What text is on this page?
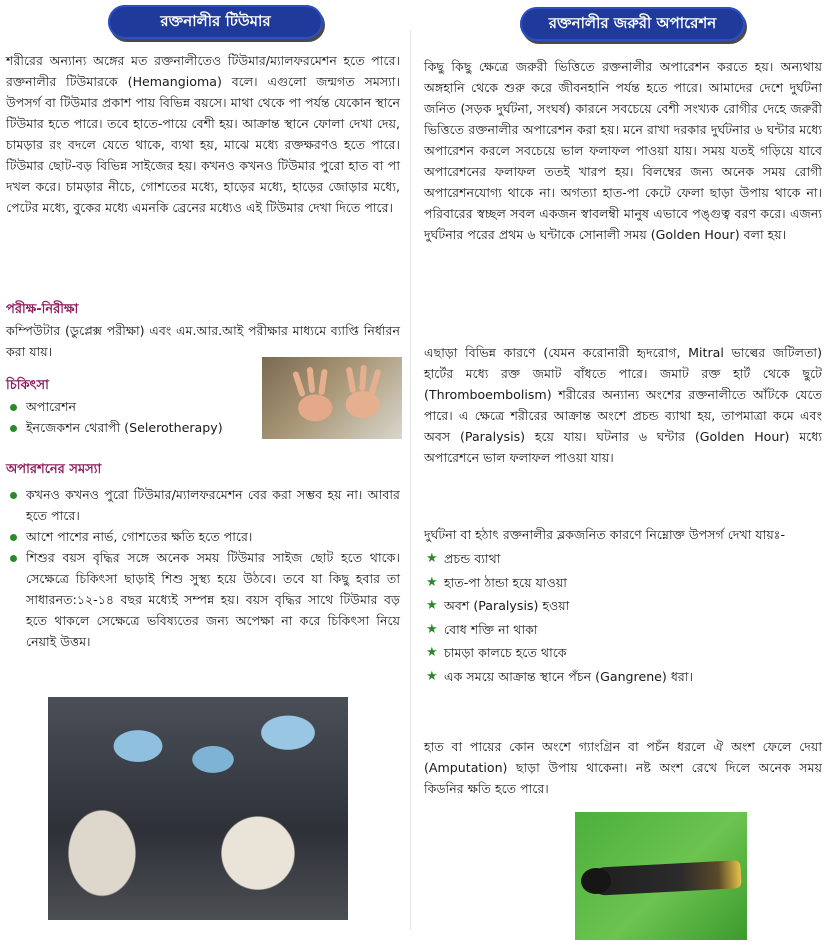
রক্তনালীর টিউমার

শরীরের অন্যান্য অঙ্গের মত রক্তনালীতেও টিউমার/ম্যালফরমেশন হতে পারে। রক্তনালীর টিউমারকে (Hemangioma) বলে। এগুলো জন্মগত সমস্যা। উপসর্গ বা টিউমার প্রকাশ পায় বিভিন্ন বয়সে। মাথা থেকে পা পর্যন্ত যেকোন স্থানে টিউমার হতে পারে। তবে হাতে-পায়ে বেশী হয়। আক্রান্ত স্থানে ফোলা দেখা দেয়, চামড়ার রং বদলে যেতে থাকে, ব্যথা হয়, মাঝে মধ্যে রক্তক্ষরণও হতে পারে। টিউমার ছোট-বড় বিভিন্ন সাইজের হয়। কখনও কখনও টিউমার পুরো হাত বা পা দখল করে। চামড়ার নীচে, গোশতের মধ্যে, হাড়ের মধ্যে, হাড়ের জোড়ার মধ্যে, পেটের মধ্যে, বুকের মধ্যে এমনকি ব্রেনের মধ্যেও এই টিউমার দেখা দিতে পারে।

পরীক্ষ-নিরীক্ষা

কম্পিউটার (ডুপ্লেক্স পরীক্ষা) এবং এম.আর.আই পরীক্ষার মাধ্যমে ব্যাপ্তি নির্ধারন করা যায়।

চিকিৎসা
অপারেশন
ইনজেকশন থেরাপী (Selerotherapy)
অপারশনের সমস্যা
কখনও কখনও পুরো টিউমার/ম্যালফরমেশন বের করা সম্ভব হয় না। আবার হতে পারে।
আশে পাশের নার্ভ, গোশতের ক্ষতি হতে পারে।
শিশুর বয়স বৃদ্ধির সঙ্গে অনেক সময় টিউমার সাইজ ছোট হতে থাকে। সেক্ষেত্রে চিকিৎসা ছাড়াই শিশু সুস্থ্য হয়ে উঠবে। তবে যা কিছু হবার তা সাধারনত:১২-১৪ বছর মধ্যেই সম্পন্ন হয়। বয়স বৃদ্ধির সাথে টিউমার বড় হতে থাকলে সেক্ষেত্রে ভবিষ্যতের জন্য অপেক্ষা না করে চিকিৎসা নিয়ে নেয়াই উত্তম।
রক্তনালীর জরুরী অপারেশন

কিছু কিছু ক্ষেত্রে জরুরী ভিত্তিতে রক্তনালীর অপারেশন করতে হয়। অন্যথায় অঙ্গহানি থেকে শুরু করে জীবনহানি পর্যন্ত হতে পারে। আমাদের দেশে দুর্ঘটনা জনিত (সড়ক দুর্ঘটনা, সংঘর্ষ) কারনে সবচেয়ে বেশী সংখ্যক রোগীর দেহে জরুরী ভিত্তিতে রক্তনালীর অপারেশন করা হয়। মনে রাখা দরকার দুর্ঘটনার ৬ ঘন্টার মধ্যে অপারেশন করলে সবচেয়ে ভাল ফলাফল পাওয়া যায়। সময় যতই গড়িয়ে যাবে অপারেশনের ফলাফল ততই খারপ হয়। বিলম্বের জন্য অনেক সময় রোগী অপারেশনযোগ্য থাকে না। অগত্যা হাত-পা কেটে ফেলা ছাড়া উপায় থাকে না। পরিবারের স্বচ্ছল সবল একজন স্বাবলম্বী মানুষ এভাবে পঙ্গুত্ব বরণ করে। এজন্য দুর্ঘটনার পরের প্রথম ৬ ঘন্টাকে সোনালী সময় (Golden Hour) বলা হয়।

এছাড়া বিভিন্ন কারণে (যেমন করোনারী হৃদরোগ, Mitral ভাল্বের জটিলতা) হার্টের মধ্যে রক্ত জমাট বাঁধতে পারে। জমাট রক্ত হার্ট থেকে ছুটে (Thromboembolism) শরীরের অন্যান্য অংশের রক্তনালীতে আঁটকে যেতে পারে। এ ক্ষেত্রে শরীরের আক্রান্ত অংশে প্রচন্ড ব্যাথা হয়, তাপমাত্রা কমে এবং অবস (Paralysis) হয়ে যায়। ঘটনার ৬ ঘন্টার (Golden Hour) মধ্যে অপারেশনে ভাল ফলাফল পাওয়া যায়।

দুর্ঘটনা বা হঠাৎ রক্তনালীর ব্লকজনিত কারণে নিম্নোক্ত উপসর্গ দেখা যায়ঃ-

★ প্রচন্ড ব্যাথা
★ হাত-পা ঠান্ডা হয়ে যাওয়া
★ অবশ (Paralysis) হওয়া
★ বোধ শক্তি না থাকা
★ চামড়া কালচে হতে থাকে
★ এক সময়ে আক্রান্ত স্থানে পঁচন (Gangrene) ধরা।

হাত বা পায়ের কোন অংশে গ্যাংগ্রিন বা পচঁন ধরলে ঐ অংশ ফেলে দেয়া (Amputation) ছাড়া উপায় থাকেনা। নষ্ট অংশ রেখে দিলে অনেক সময় কিডনির ক্ষতি হতে পারে।
